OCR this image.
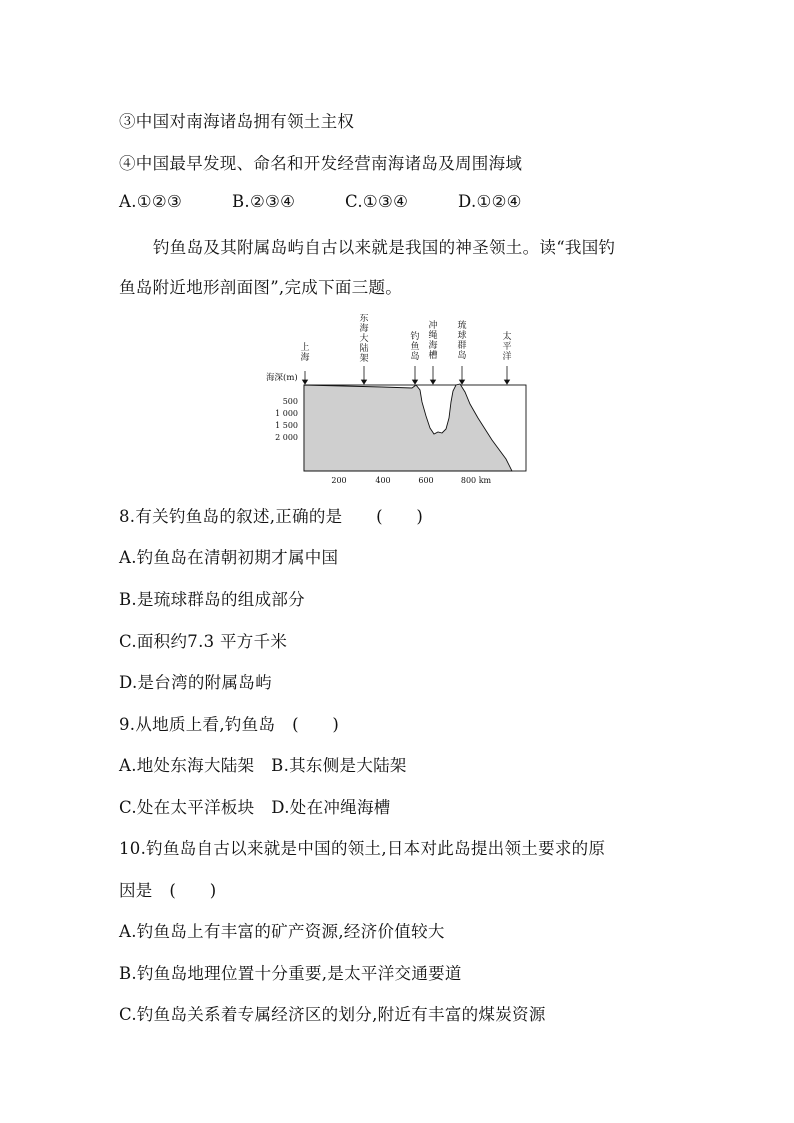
③中国对南海诸岛拥有领土主权
④中国最早发现、命名和开发经营南海诸岛及周围海域
A.①②③	B.②③④	C.①③④	D.①②④
钓鱼岛及其附属岛屿自古以来就是我国的神圣领土。读“我国钓
鱼岛附近地形剖面图”,完成下面三题。
上海
东海大陆架
钓鱼岛
冲绳海槽
琉球群岛
太平洋
海深(m)
500
1 000
1 500
2 000
200	400	600	800 km
8.有关钓鱼岛的叙述,正确的是　　(　　)
A.钓鱼岛在清朝初期才属中国
B.是琉球群岛的组成部分
C.面积约7.3 平方千米
D.是台湾的附属岛屿
9.从地质上看,钓鱼岛　(　　)
A.地处东海大陆架　B.其东侧是大陆架
C.处在太平洋板块　D.处在冲绳海槽
10.钓鱼岛自古以来就是中国的领土,日本对此岛提出领土要求的原
因是　(　　)
A.钓鱼岛上有丰富的矿产资源,经济价值较大
B.钓鱼岛地理位置十分重要,是太平洋交通要道
C.钓鱼岛关系着专属经济区的划分,附近有丰富的煤炭资源
